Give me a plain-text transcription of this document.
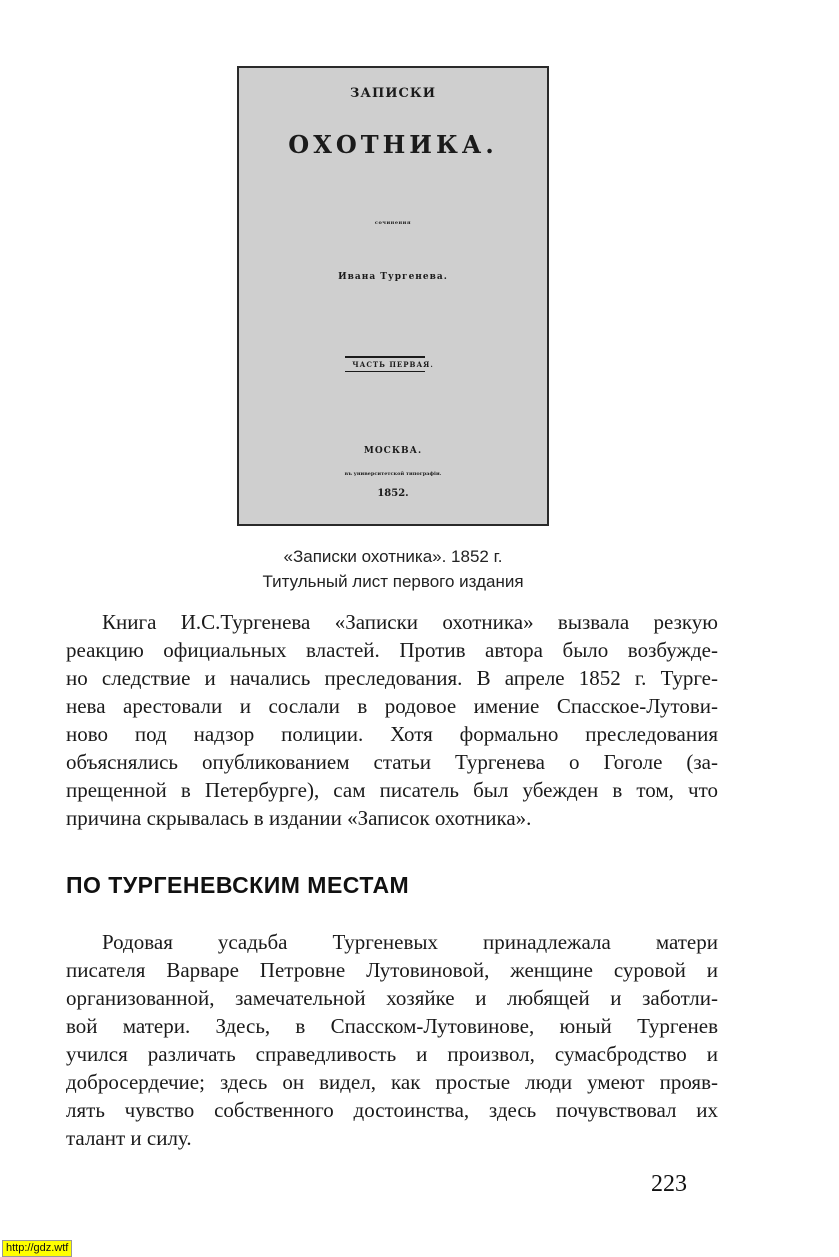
ЗАПИСКИ
ОХОТНИКА.
сочинения
Ивана Тургенева.
ЧАСТЬ ПЕРВАЯ.
МОСКВА.
въ университетской типографіи.
1852.
«Записки охотника». 1852 г.
Титульный лист первого издания
Книга И.С.Тургенева «Записки охотника» вызвала резкую
реакцию официальных властей. Против автора было возбужде-
но следствие и начались преследования. В апреле 1852 г. Турге-
нева арестовали и сослали в родовое имение Спасское-Лутови-
ново под надзор полиции. Хотя формально преследования
объяснялись опубликованием статьи Тургенева о Гоголе (за-
прещенной в Петербурге), сам писатель был убежден в том, что
причина скрывалась в издании «Записок охотника».
ПО ТУРГЕНЕВСКИМ МЕСТАМ
Родовая усадьба Тургеневых принадлежала матери
писателя Варваре Петровне Лутовиновой, женщине суровой и
организованной, замечательной хозяйке и любящей и заботли-
вой матери. Здесь, в Спасском-Лутовинове, юный Тургенев
учился различать справедливость и произвол, сумасбродство и
добросердечие; здесь он видел, как простые люди умеют прояв-
лять чувство собственного достоинства, здесь почувствовал их
талант и силу.
223
http://gdz.wtf
